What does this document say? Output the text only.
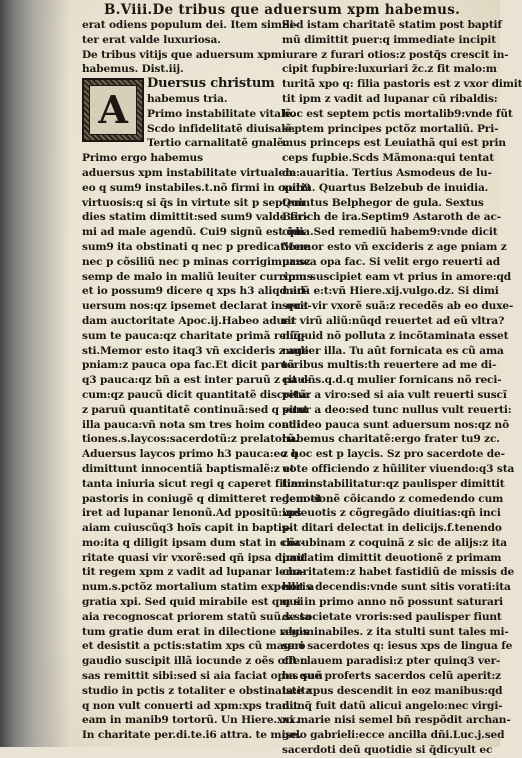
B.Viii.De tribus que aduersum xpm habemus.
erat odiens populum dei. Item simili-
ter erat valde luxuriosa.
De tribus vitijs que aduersum xpm
habemus. Dist.iij.
A
Duersus christum
habemus tria.
Primo instabilitate vitalẽ.
Scdo infidelitatẽ diuisalẽ.
Tertio carnalitatẽ gnalẽ.
Primo ergo habemus
aduersus xpm instabilitate virtualem:
eo q sum9 instabiles.t.nõ firmi in opib9
virtuosis:q si q̃s in virtute sit p septem
dies statim dimittit:sed sum9 valde fir-
mi ad male agendũ. Cui9 signũ est q̃m
sum9 ita obstinati q nec p predicatione
nec p cõsiliũ nec p minas corrigimur:sz
semp de malo in maliũ leuiter currimus
et io possum9 dicere q xps h3 aliqd ad-
uersum nos:qz ipsemet declarat in qua-
dam auctoritate Apoc.ij.Habeo aduer
sum te pauca:qz charitate primã reliq̃-
sti.Memor esto itaq3 vñ excideris z age
pniam:z pauca opa fac.Et dicit paruã
q3 pauca:qz bñ a est inter paruũ z pau-
cum:qz paucũ dicit quantitatẽ discretã:
z paruũ quantitatẽ continuã:sed q sunt
illa pauca:vñ nota sm tres hoim condi
tiones.s.laycos:sacerdotũ:z prelatorũ.
Aduersus laycos primo h3 pauca:eo q
dimittunt innocentiã baptismalẽ:z et
tanta iniuria sicut regi q caperet filiam
pastoris in coniugẽ q dimitteret regem et
iret ad lupanar lenonũ.Ad ppositũ:xps
aiam cuiuscũq3 hoĩs capit in baptis-
mo:ita q diligit ipsam dum stat in cha-
ritate quasi vir vxorẽ:sed qñ ipsa dimit
tit regem xpm z vadit ad lupanar leno-
num.s.pctõz mortalium statim expellit a
gratia xpi. Sed quid mirabile est qm si
aia recognoscat priorem statũ suũ.s.sta
tum gratie dum erat in dilectione regis
et desistit a pctis:statim xps cũ magno
gaudio suscipit illã iocunde z oẽs offen
sas remittit sibi:sed si aia faciat opus suũ
studio in pctis z totaliter e obstinata:ita
q non vult conuerti ad xpm:xps tradit
eam in manib9 tortorũ. Un Hiere.xxx.
In charitate per.di.te.i6 attra. te mise.
Sed istam charitatẽ statim post baptif
mũ dimittit puer:q immediate incipit
iurare z furari otios:z postq̃s crescit in-
cipit fupbire:luxuriari z̃c.z fit malo:m
turitã xpo q: filia pastoris est z vxor dimit
tit ipm z vadit ad lupanar cũ ribaldis:
hoc est septem pctis mortalib9:vnde fũt
septem principes pctõz mortaliũ. Pri-
mus princeps est Leuiathã qui est prin
ceps fupbie.Scds Mãmona:qui tentat
de auaritia. Tertius Asmodeus de lu-
xuria. Quartus Belzebub de inuidia.
Quintus Belphegor de gula. Sextus
Berich de ira.Septim9 Astaroth de ac-
cidia.Sed remediũ habem9:vnde dicit
Memor esto vñ excideris z age pniam z
pauca opa fac. Si velit ergo reuerti ad
xpm suscipiet eam vt prius in amore:qd
mirũ e:t:vñ Hiere.xij.vulgo.dz. Si dimi
serit vir vxorẽ suã:z recedẽs ab eo duxe-
rit virũ aliũ:nũqd reuertet ad eũ vltra?
nũquid nõ polluta z incõtaminata esset
mulier illa. Tu aũt fornicata es cũ ama
toribus multis:th reuertere ad me di-
cit dñs.q.d.q mulier fornicans nõ reci-
pitur a viro:sed si aia vult reuerti suscĩ
pitur a deo:sed tunc nullus vult reuerti:
et ideo pauca sunt aduersum nos:qz nõ
habemus charitatẽ:ergo frater tu9 zc.
z hoc est p laycis. Sz pro sacerdote de-
uote officiendo z hũiliter viuendo:q3 sta
tim instabilitatur:qz paulisper dimittit
deuotionẽ cõicando z comedendo cum
indeuotis z cõgregãdo diuitias:qñ inci
pit ditari delectat in delicijs.f.tenendo
cõcubinam z coquinã z sic de alijs:z ita
paulatim dimittit deuotionẽ z primam
charitatem:z habet fastidiũ de missis de
horis decendis:vnde sunt sitis vorati:ita
qui in primo anno nõ possunt saturari
de societate vroris:sed paulisper fiunt
abominabiles. z ita stulti sunt tales mi-
seri sacerdotes q: iesus xps de lingua fe
cit clauem paradisi:z pter quinq3 ver-
ba que proferts sacerdos celũ aperit:z
iste xpus descendit in eoz manibus:qd
nunq̃ fuit datũ alicui angelo:nec virgi-
ni marie nisi semel bñ respõdit archan-
gelo gabrieli:ecce ancilla dñi.Luc.j.sed
sacerdoti deũ quotidie si q̃dicyult ec
